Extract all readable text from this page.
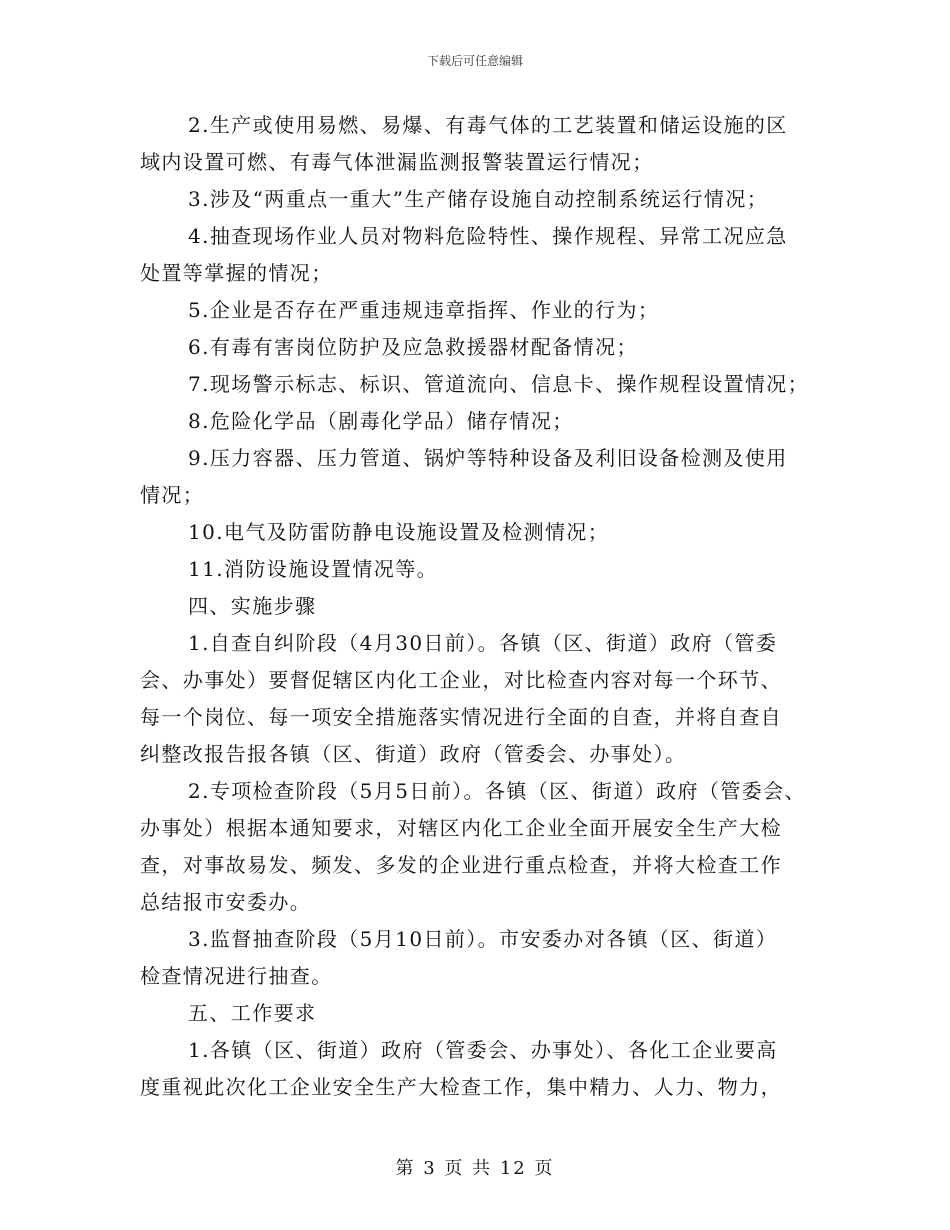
下载后可任意编辑
2.生产或使用易燃、易爆、有毒气体的工艺装置和储运设施的区
域内设置可燃、有毒气体泄漏监测报警装置运行情况；
3.涉及“两重点一重大”生产储存设施自动控制系统运行情况；
4.抽查现场作业人员对物料危险特性、操作规程、异常工况应急
处置等掌握的情况；
5.企业是否存在严重违规违章指挥、作业的行为；
6.有毒有害岗位防护及应急救援器材配备情况；
7.现场警示标志、标识、管道流向、信息卡、操作规程设置情况；
8.危险化学品（剧毒化学品）储存情况；
9.压力容器、压力管道、锅炉等特种设备及利旧设备检测及使用
情况；
10.电气及防雷防静电设施设置及检测情况；
11.消防设施设置情况等。
四、实施步骤
1.自查自纠阶段（4月30日前）。各镇（区、街道）政府（管委
会、办事处）要督促辖区内化工企业，对比检查内容对每一个环节、
每一个岗位、每一项安全措施落实情况进行全面的自查，并将自查自
纠整改报告报各镇（区、街道）政府（管委会、办事处）。
2.专项检查阶段（5月5日前）。各镇（区、街道）政府（管委会、
办事处）根据本通知要求，对辖区内化工企业全面开展安全生产大检
查，对事故易发、频发、多发的企业进行重点检查，并将大检查工作
总结报市安委办。
3.监督抽查阶段（5月10日前）。市安委办对各镇（区、街道）
检查情况进行抽查。
五、工作要求
1.各镇（区、街道）政府（管委会、办事处）、各化工企业要高
度重视此次化工企业安全生产大检查工作，集中精力、人力、物力，
第 3 页 共 12 页
